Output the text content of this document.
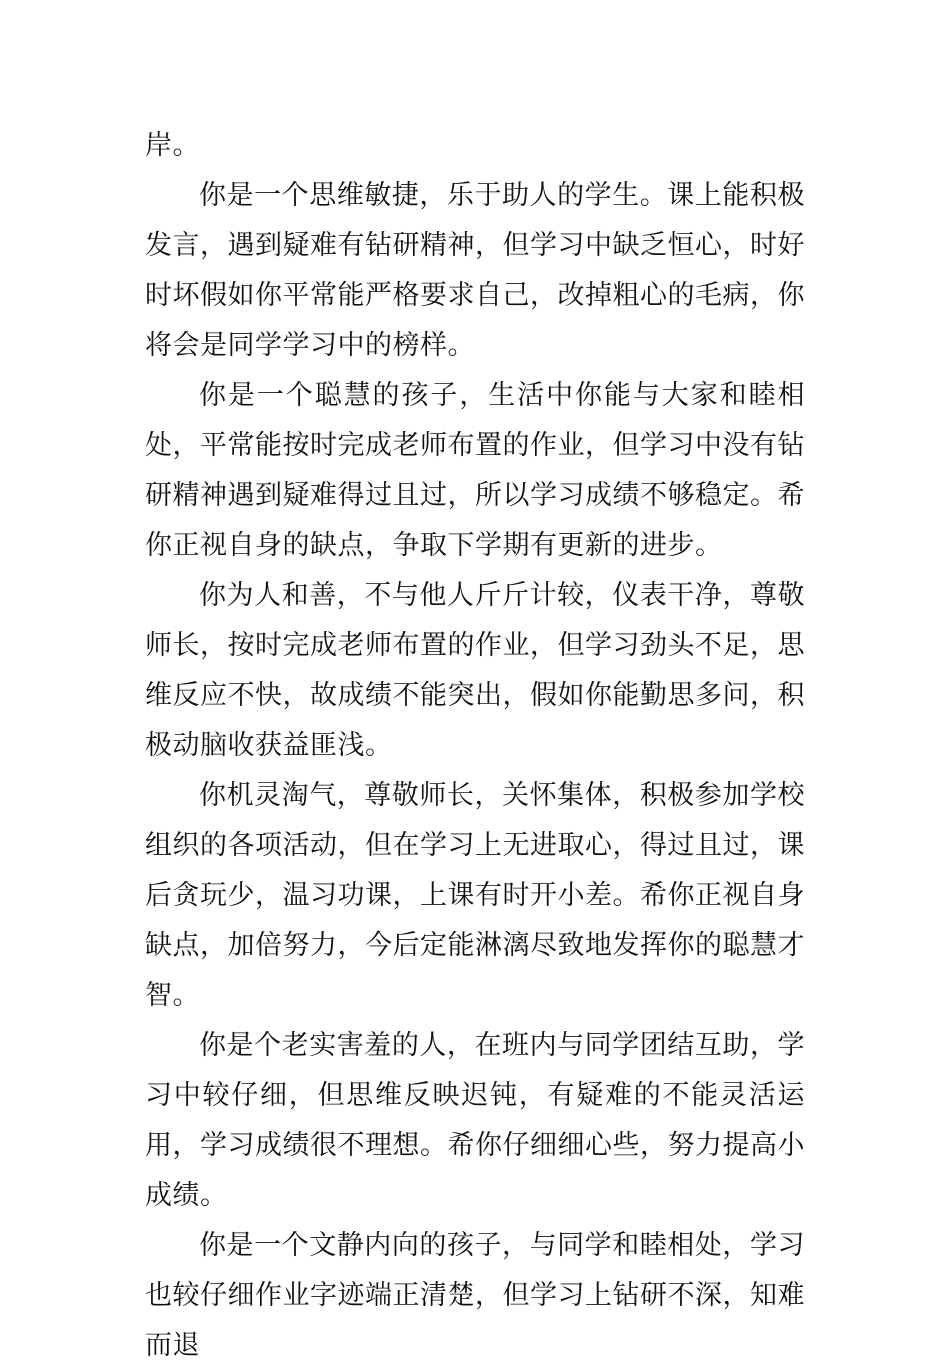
岸。

你是一个思维敏捷，乐于助人的学生。课上能积极发言，遇到疑难有钻研精神，但学习中缺乏恒心，时好时坏假如你平常能严格要求自己，改掉粗心的毛病，你将会是同学学习中的榜样。

你是一个聪慧的孩子，生活中你能与大家和睦相处，平常能按时完成老师布置的作业，但学习中没有钻研精神遇到疑难得过且过，所以学习成绩不够稳定。希你正视自身的缺点，争取下学期有更新的进步。

你为人和善，不与他人斤斤计较，仪表干净，尊敬师长，按时完成老师布置的作业，但学习劲头不足，思维反应不快，故成绩不能突出，假如你能勤思多问，积极动脑收获益匪浅。

你机灵淘气，尊敬师长，关怀集体，积极参加学校组织的各项活动，但在学习上无进取心，得过且过，课后贪玩少，温习功课，上课有时开小差。希你正视自身缺点，加倍努力，今后定能淋漓尽致地发挥你的聪慧才智。

你是个老实害羞的人，在班内与同学团结互助，学习中较仔细，但思维反映迟钝，有疑难的不能灵活运用，学习成绩很不理想。希你仔细细心些，努力提高小成绩。

你是一个文静内向的孩子，与同学和睦相处，学习也较仔细作业字迹端正清楚，但学习上钻研不深，知难而退
